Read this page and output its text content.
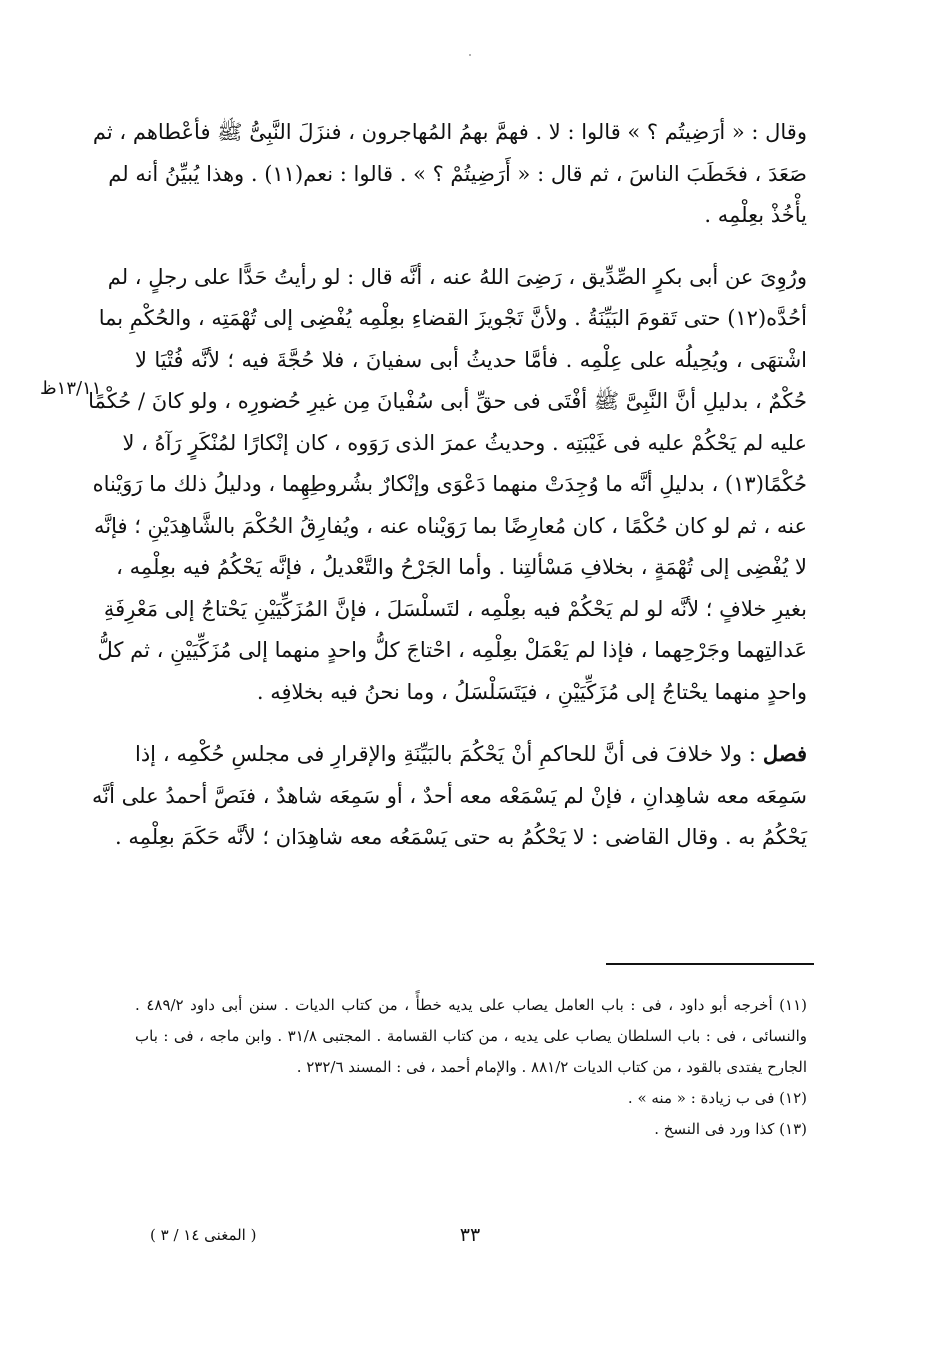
وقال : « أرَضِيتُم ؟ » قالوا : لا . فهمَّ بهمُ المُهاجرون ، فنزَلَ النَّبِىُّ ﷺ فأعْطاهم ، ثم
صَعَدَ ، فخَطَبَ الناسَ ، ثم قال : « أَرَضِيتُمْ ؟ » . قالوا : نعم(١١) . وهذا يُبيِّنُ أنه لم
يأْخُذْ بعِلْمِه .

ورُوِىَ عن أبى بكرٍ الصِّدِّيق ، رَضِىَ اللهُ عنه ، أنَّه قال : لو رأيتُ حَدًّا على رجلٍ ، لم
أحُدَّه(١٢) حتى تَقومَ البَيِّنَةُ . ولأنَّ تَجْويزَ القضاءِ بعِلْمِه يُفْضِى إلى تُهْمَتِه ، والحُكْمِ بما
اشْتهَى ، ويُحِيلُه على عِلْمِه . فأمَّا حديثُ أبى سفيانَ ، فلا حُجَّةَ فيه ؛ لأنَّه فُتْيَا لا
حُكْمٌ ، بدليلِ أنَّ النَّبِىَّ ﷺ أفْتَى فى حقِّ أبى سُفْيانَ مِن غيرِ حُضورِه ، ولو كانَ / حُكْمًا
عليه لم يَحْكُمْ عليه فى غَيْبَتِه . وحديثُ عمرَ الذى رَوَوه ، كان إنْكارًا لمُنْكَرٍ رَآهُ ، لا
حُكْمًا(١٣) ، بدليلِ أنَّه ما وُجِدَتْ منهما دَعْوَى وإنْكارٌ بشُروطِهِما ، ودليلُ ذلك ما رَوَيْناه
عنه ، ثم لو كان حُكْمًا ، كان مُعارِضًا بما رَوَيْناه عنه ، ويُفارِقُ الحُكْمَ بالشَّاهِدَيْنِ ؛ فإنَّه
لا يُفْضِى إلى تُهْمَةٍ ، بخلافِ مَسْألتِنا . وأما الجَرْحُ والتَّعْديلُ ، فإنَّه يَحْكُمُ فيه بعِلْمِه ،
بغيرِ خلافٍ ؛ لأنَّه لو لم يَحْكُمْ فيه بعِلْمِه ، لتَسلْسَلَ ، فإنَّ المُزَكِّيَيْنِ يَحْتاجُ إلى مَعْرِفَةِ
عَدالتِهما وجَرْحِهما ، فإذا لم يَعْمَلْ بعِلْمِه ، احْتاجَ كلُّ واحدٍ منهما إلى مُزَكِّيَيْنِ ، ثم كلُّ
واحدٍ منهما يحْتاجُ إلى مُزَكِّيَيْنِ ، فيَتَسَلْسَلُ ، وما نحنُ فيه بخلافِه .

فصل : ولا خلافَ فى أنَّ للحاكمِ أنْ يَحْكُمَ بالبَيِّنَةِ والإقرارِ فى مجلسِ حُكْمِه ، إذا
سَمِعَه معه شاهِدانِ ، فإنْ لم يَسْمَعْه معه أحدٌ ، أو سَمِعَه شاهدٌ ، فنَصَّ أحمدُ على أنَّه
يَحْكُمُ به . وقال القاضى : لا يَحْكُمُ به حتى يَسْمَعُه معه شاهِدَان ؛ لأنَّه حَكَمَ بعِلْمِه .

١٣/١١ظ
(١١) أخرجه أبو داود ، فى : باب العامل يصاب على يديه خطأً ، من كتاب الديات . سنن أبى داود ٤٨٩/٢ .
والنسائى ، فى : باب السلطان يصاب على يديه ، من كتاب القسامة . المجتبى ٣١/٨ . وابن ماجه ، فى : باب
الجارح يفتدى بالقود ، من كتاب الديات ٨٨١/٢ . والإمام أحمد ، فى : المسند ٢٣٢/٦ .
(١٢) فى ب زيادة : « منه » .
(١٣) كذا ورد فى النسخ .
٣٣
( المغنى ١٤ / ٣ )
